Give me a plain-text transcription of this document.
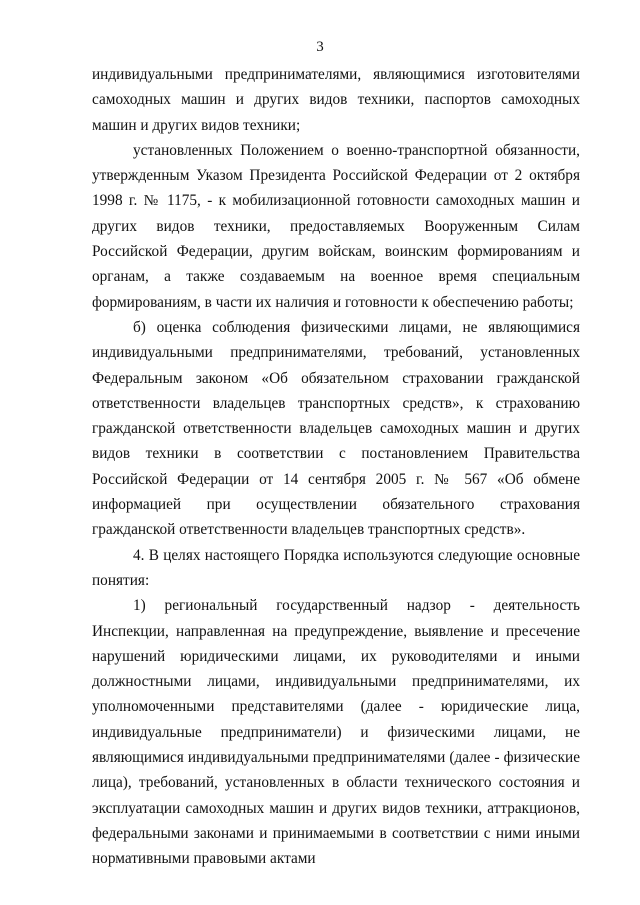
3

индивидуальными предпринимателями, являющимися изготовителями самоходных машин и других видов техники, паспортов самоходных машин и других видов техники;

установленных Положением о военно-транспортной обязанности, утвержденным Указом Президента Российской Федерации от 2 октября 1998 г. № 1175, - к мобилизационной готовности самоходных машин и других видов техники, предоставляемых Вооруженным Силам Российской Федерации, другим войскам, воинским формированиям и органам, а также создаваемым на военное время специальным формированиям, в части их наличия и готовности к обеспечению работы;

б) оценка соблюдения физическими лицами, не являющимися индивидуальными предпринимателями, требований, установленных Федеральным законом «Об обязательном страховании гражданской ответственности владельцев транспортных средств», к страхованию гражданской ответственности владельцев самоходных машин и других видов техники в соответствии с постановлением Правительства Российской Федерации от 14 сентября 2005 г. № 567 «Об обмене информацией при осуществлении обязательного страхования гражданской ответственности владельцев транспортных средств».

4. В целях настоящего Порядка используются следующие основные понятия:

1) региональный государственный надзор - деятельность Инспекции, направленная на предупреждение, выявление и пресечение нарушений юридическими лицами, их руководителями и иными должностными лицами, индивидуальными предпринимателями, их уполномоченными представителями (далее - юридические лица, индивидуальные предприниматели) и физическими лицами, не являющимися индивидуальными предпринимателями (далее - физические лица), требований, установленных в области технического состояния и эксплуатации самоходных машин и других видов техники, аттракционов, федеральными законами и принимаемыми в соответствии с ними иными нормативными правовыми актами
